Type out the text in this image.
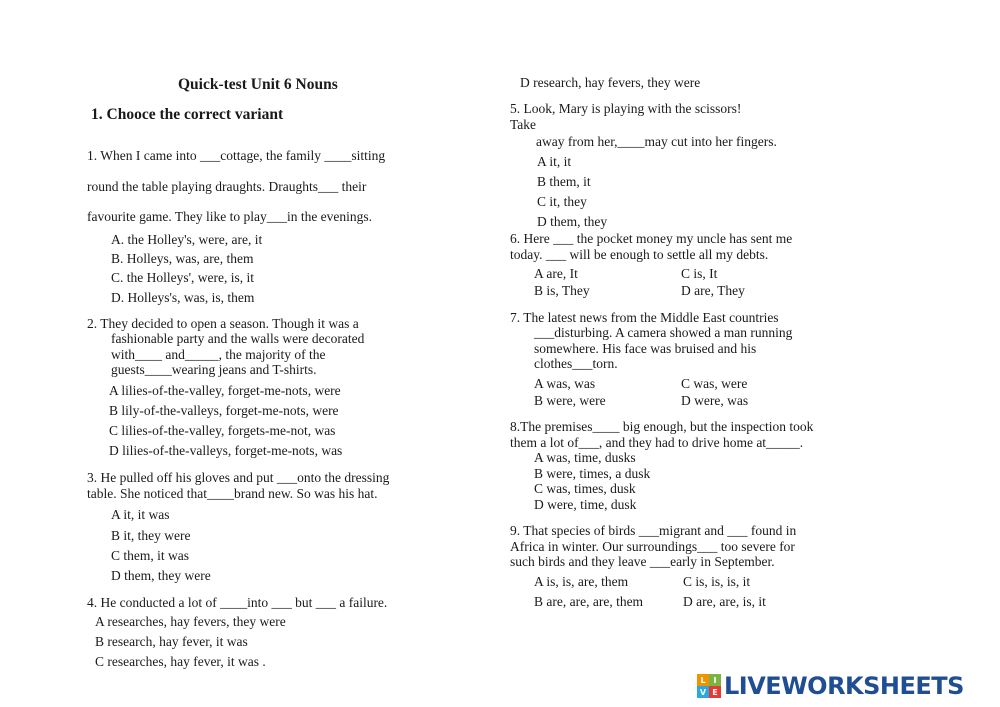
Quick-test Unit 6 Nouns
1. Chooce the correct variant
1. When I came into ___cottage, the family ____sitting
round the table playing draughts. Draughts___ their
favourite game. They like to play___in the evenings.
A. the Holley's, were, are, it
B. Holleys, was, are, them
C. the Holleys', were, is, it
D. Holleys's, was, is, them
2. They decided to open a season. Though it was a
fashionable party and the walls were decorated
with____ and_____, the majority of the
guests____wearing jeans and T-shirts.
A lilies-of-the-valley, forget-me-nots, were
B lily-of-the-valleys, forget-me-nots, were
C lilies-of-the-valley, forgets-me-not, was
D lilies-of-the-valleys, forget-me-nots, was
3. He pulled off his gloves and put ___onto the dressing
table. She noticed that____brand new. So was his hat.
A it, it was
B it, they were
C them, it was
D them, they were
4. He conducted a lot of ____into ___ but ___ a failure.
A researches, hay fevers, they were
B research, hay fever, it was
C researches, hay fever, it was .
D research, hay fevers, they were
5. Look, Mary is playing with the scissors!
Take
away from her,____may cut into her fingers.
A it, it
B them, it
C it, they
D them, they
6. Here ___ the pocket money my uncle has sent me
today. ___ will be enough to settle all my debts.
A are, It	C is, It
B is, They	D are, They
7. The latest news from the Middle East countries
___disturbing. A camera showed a man running
somewhere. His face was bruised and his
clothes___torn.
A was, was	C was, were
B were, were	D were, was
8.The premises____ big enough, but the inspection took
them a lot of___, and they had to drive home at_____.
A was, time, dusks
B were, times, a dusk
C was, times, dusk
D were, time, dusk
9. That species of birds ___migrant and ___ found in
Africa in winter. Our surroundings___ too severe for
such birds and they leave ___early in September.
A is, is, are, them	C is, is, is, it
B are, are, are, them	D are, are, is, it
L I
V E LIVEWORKSHEETS
